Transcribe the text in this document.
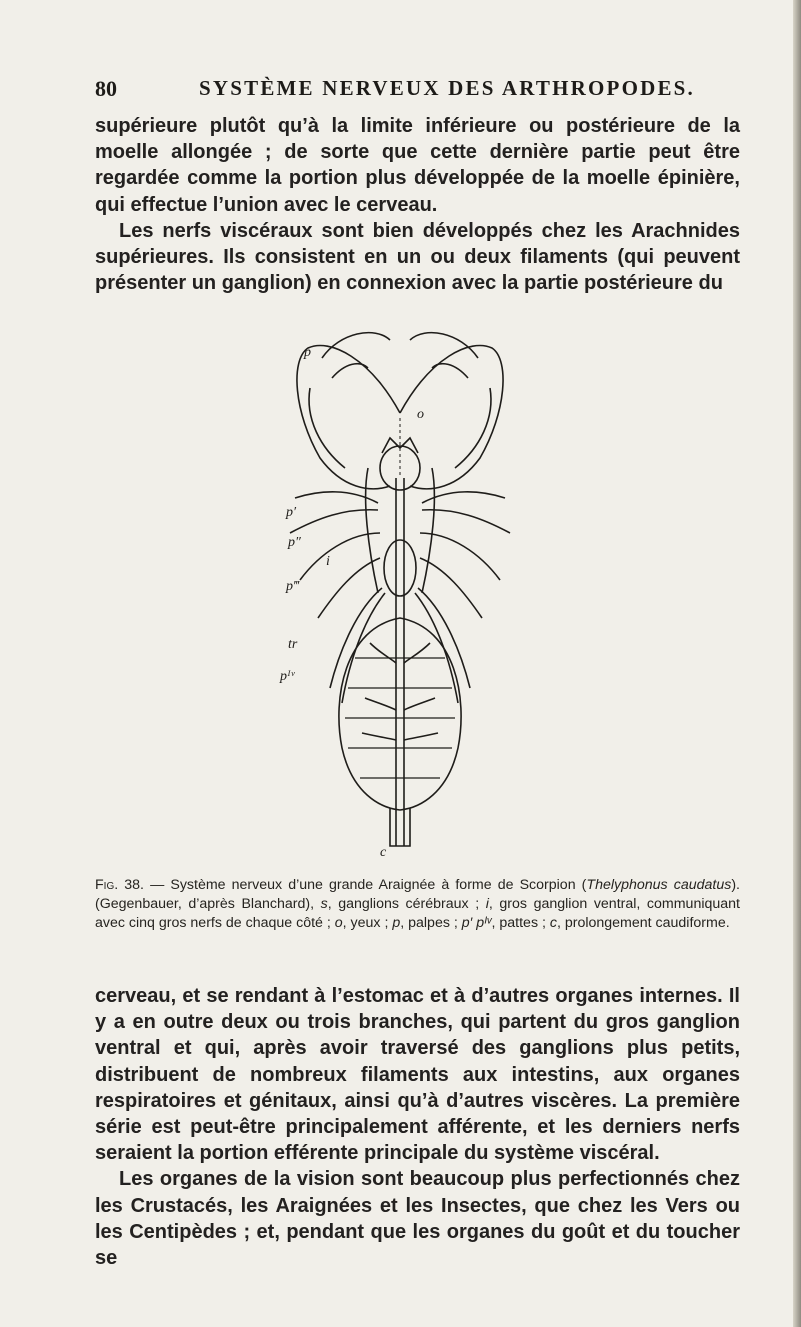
80	SYSTÈME NERVEUX DES ARTHROPODES.

supérieure plutôt qu’à la limite inférieure ou postérieure de la moelle allongée ; de sorte que cette dernière partie peut être regardée comme la portion plus développée de la moelle épinière, qui effectue l’union avec le cerveau.

Les nerfs viscéraux sont bien développés chez les Arachnides supérieures. Ils consistent en un ou deux filaments (qui peuvent présenter un ganglion) en connexion avec la partie postérieure du

p
o
p′
p″
i
p‴
tr
pᴵᵛ
c
Fig. 38. — Système nerveux d’une grande Araignée à forme de Scorpion (Thelyphonus caudatus). (Gegenbauer, d’après Blanchard), s, ganglions cérébraux ; i, gros ganglion ventral, communiquant avec cinq gros nerfs de chaque côté ; o, yeux ; p, palpes ; p′ pᴵᵛ, pattes ; c, prolongement caudiforme.

cerveau, et se rendant à l’estomac et à d’autres organes internes. Il y a en outre deux ou trois branches, qui partent du gros ganglion ventral et qui, après avoir traversé des ganglions plus petits, distribuent de nombreux filaments aux intestins, aux organes respiratoires et génitaux, ainsi qu’à d’autres viscères. La première série est peut-être principalement afférente, et les derniers nerfs seraient la portion efférente principale du système viscéral.

Les organes de la vision sont beaucoup plus perfectionnés chez les Crustacés, les Araignées et les Insectes, que chez les Vers ou les Centipèdes ; et, pendant que les organes du goût et du toucher se
